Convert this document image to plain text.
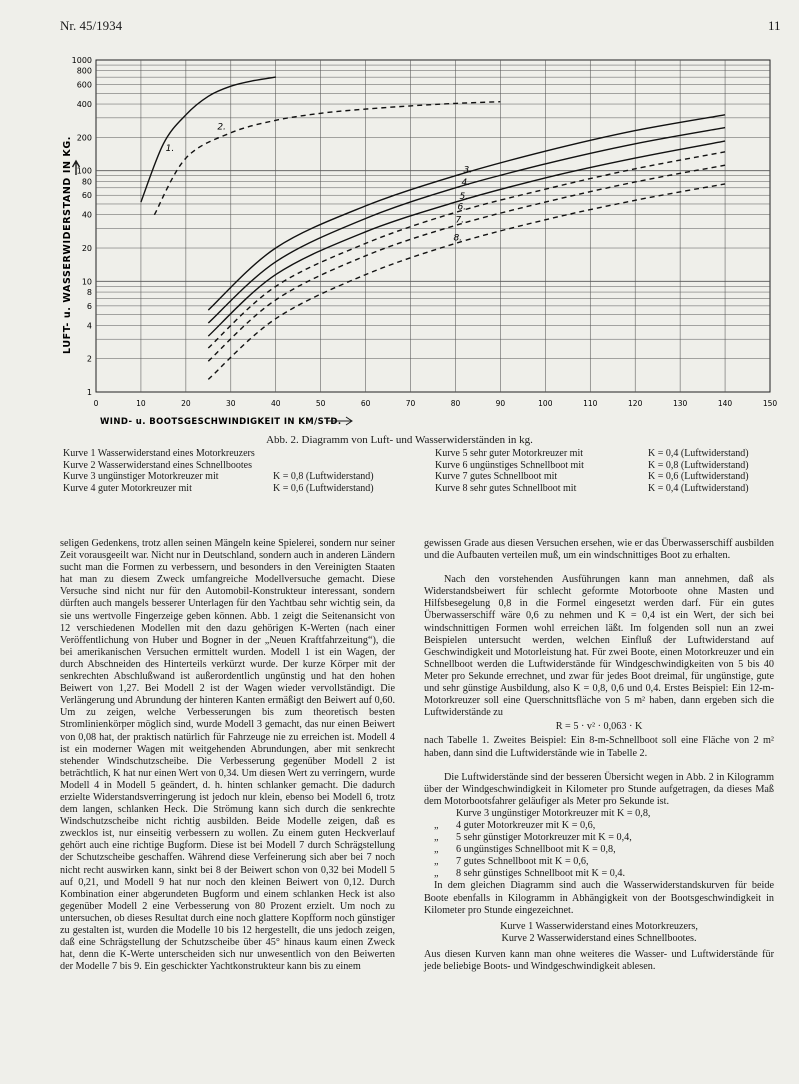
Nr. 45/1934	11
1000
800
600
400
200
100
80
60
40
20
10
8
6
4
2
1
0	10	20	30	40	50	60	70	80	90	100	110	120	130	140	150
1.
2.
3.
4.
5.
6.
7.
8.
LUFT- u. WASSERWIDERSTAND IN KG.
WIND- u. BOOTSGESCHWINDIGKEIT IN KM/STD.
Abb. 2. Diagramm von Luft- und Wasserwiderständen in kg.
Kurve 1 Wasserwiderstand eines Motorkreuzers
Kurve 2 Wasserwiderstand eines Schnellbootes
Kurve 3 ungünstiger Motorkreuzer mit	K = 0,8 (Luftwiderstand)
Kurve 4 guter Motorkreuzer mit	K = 0,6 (Luftwiderstand)
Kurve 5 sehr guter Motorkreuzer mit	K = 0,4 (Luftwiderstand)
Kurve 6 ungünstiges Schnellboot mit	K = 0,8 (Luftwiderstand)
Kurve 7 gutes Schnellboot mit	K = 0,6 (Luftwiderstand)
Kurve 8 sehr gutes Schnellboot mit	K = 0,4 (Luftwiderstand)

seligen Gedenkens, trotz allen seinen Mängeln keine Spielerei, sondern nur seiner Zeit vorausgeeilt war. Nicht nur in Deutschland, sondern auch in anderen Ländern sucht man die Formen zu verbessern, und besonders in den Vereinigten Staaten hat man zu diesem Zweck umfangreiche Modellversuche gemacht. Diese Versuche sind nicht nur für den Automobil-Konstrukteur interessant, sondern dürften auch mangels besserer Unterlagen für den Yachtbau sehr wichtig sein, da sie uns wertvolle Fingerzeige geben können. Abb. 1 zeigt die Seitenansicht von 12 verschiedenen Modellen mit den dazu gehörigen K-Werten (nach einer Veröffentlichung von Huber und Bogner in der „Neuen Kraftfahrzeitung“), die bei amerikanischen Versuchen ermittelt wurden. Modell 1 ist ein Wagen, der durch Abschneiden des Hinterteils verkürzt wurde. Der kurze Körper mit der senkrechten Abschlußwand ist außerordentlich ungünstig und hat den hohen Beiwert von 1,27. Bei Modell 2 ist der Wagen wieder vervollständigt. Die Verlängerung und Abrundung der hinteren Kanten ermäßigt den Beiwert auf 0,60. Um zu zeigen, welche Verbesserungen bis zum theoretisch besten Stromlinienkörper möglich sind, wurde Modell 3 gemacht, das nur einen Beiwert von 0,08 hat, der praktisch natürlich für Fahrzeuge nie zu erreichen ist. Modell 4 ist ein moderner Wagen mit weitgehenden Abrundungen, aber mit senkrecht stehender Windschutzscheibe. Die Verbesserung gegenüber Modell 2 ist beträchtlich, K hat nur einen Wert von 0,34. Um diesen Wert zu verringern, wurde Modell 4 in Modell 5 geändert, d. h. hinten schlanker gemacht. Die dadurch erzielte Widerstandsverringerung ist jedoch nur klein, ebenso bei Modell 6, trotz dem langen, schlanken Heck. Die Strömung kann sich durch die senkrechte Windschutzscheibe nicht richtig ausbilden. Beide Modelle zeigen, daß es zwecklos ist, nur einseitig verbessern zu wollen. Zu einem guten Heckverlauf gehört auch eine richtige Bugform. Diese ist bei Modell 7 durch Schrägstellung der Schutzscheibe geschaffen. Während diese Verfeinerung sich aber bei 7 noch nicht recht auswirken kann, sinkt bei 8 der Beiwert schon von 0,32 bei Modell 5 auf 0,21, und Modell 9 hat nur noch den kleinen Beiwert von 0,12. Durch Kombination einer abgerundeten Bugform und einem schlanken Heck ist also gegenüber Modell 2 eine Verbesserung von 80 Prozent erzielt. Um noch zu untersuchen, ob dieses Resultat durch eine noch glattere Kopfform noch günstiger zu gestalten ist, wurden die Modelle 10 bis 12 hergestellt, die uns jedoch zeigen, daß eine Schrägstellung der Schutzscheibe über 45° hinaus kaum einen Zweck hat, denn die K-Werte unterscheiden sich nur unwesentlich von den Beiwerten der Modelle 7 bis 9. Ein geschickter Yachtkonstrukteur kann bis zu einem

gewissen Grade aus diesen Versuchen ersehen, wie er das Überwasserschiff ausbilden und die Aufbauten verteilen muß, um ein windschnittiges Boot zu erhalten.

Nach den vorstehenden Ausführungen kann man annehmen, daß als Widerstandsbeiwert für schlecht geformte Motorboote ohne Masten und Hilfsbesegelung 0,8 in die Formel eingesetzt werden darf. Für ein gutes Überwasserschiff wäre 0,6 zu nehmen und K = 0,4 ist ein Wert, der sich bei windschnittigen Formen wohl erreichen läßt. Im folgenden soll nun an zwei Beispielen untersucht werden, welchen Einfluß der Luftwiderstand auf Geschwindigkeit und Motorleistung hat. Für zwei Boote, einen Motorkreuzer und ein Schnellboot werden die Luftwiderstände für Windgeschwindigkeiten von 5 bis 40 Meter pro Sekunde errechnet, und zwar für jedes Boot dreimal, für ungünstige, gute und sehr günstige Ausbildung, also K = 0,8, 0,6 und 0,4. Erstes Beispiel: Ein 12-m-Motorkreuzer soll eine Querschnittsfläche von 5 m² haben, dann ergeben sich die Luftwiderstände zu

R = 5 · v² · 0,063 · K

nach Tabelle 1. Zweites Beispiel: Ein 8-m-Schnellboot soll eine Fläche von 2 m² haben, dann sind die Luftwiderstände wie in Tabelle 2.

Die Luftwiderstände sind der besseren Übersicht wegen in Abb. 2 in Kilogramm über der Windgeschwindigkeit in Kilometer pro Stunde aufgetragen, da dieses Maß dem Motorbootsfahrer geläufiger als Meter pro Sekunde ist.

Kurve 3 ungünstiger Motorkreuzer mit K = 0,8,
„	4 guter Motorkreuzer mit K = 0,6,
„	5 sehr günstiger Motorkreuzer mit K = 0,4,
„	6 ungünstiges Schnellboot mit K = 0,8,
„	7 gutes Schnellboot mit K = 0,6,
„	8 sehr günstiges Schnellboot mit K = 0,4.

In dem gleichen Diagramm sind auch die Wasserwiderstandskurven für beide Boote ebenfalls in Kilogramm in Abhängigkeit von der Bootsgeschwindigkeit in Kilometer pro Stunde eingezeichnet.

Kurve 1 Wasserwiderstand eines Motorkreuzers,
Kurve 2 Wasserwiderstand eines Schnellbootes.

Aus diesen Kurven kann man ohne weiteres die Wasser- und Luftwiderstände für jede beliebige Boots- und Windgeschwindigkeit ablesen.
